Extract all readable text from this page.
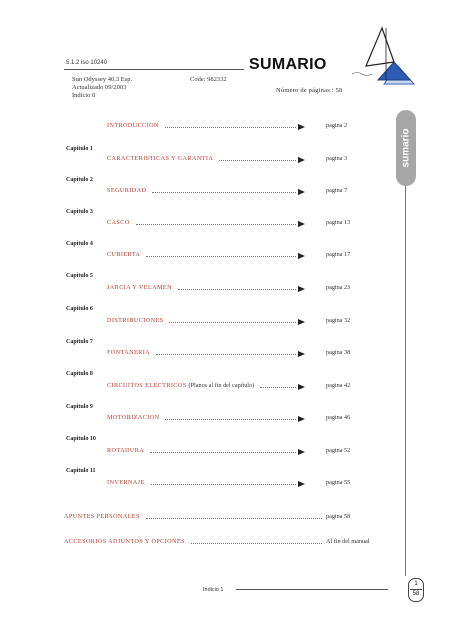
5.1.2 iso 10240
Sun Odyssey 40.3 Esp.
Actualizado 09/2003
Indicio 0
Code: 982332
SUMARIO
Número de páginas : 58
sumario
INTRODUCCION	pagina 2
Capitulo 1
CARACTERISTICAS Y GARANTIA	pagina 3
Capitulo 2
SEGURIDAD	pagina 7
Capitulo 3
CASCO	pagina 13
Capitulo 4
CUBIERTA	pagina 17
Capitulo 5
JARCIA Y VELAMEN	pagina 23
Capitulo 6
DISTRIBUCIONES	pagina 32
Capitulo 7
FONTANERIA	pagina 38
Capitulo 8
CIRCUITOS ELECTRICOS (Planos al fin del capítulo)	pagina 42
Capitulo 9
MOTORIZACION	pagina 46
Capitulo 10
ROTADURA	pagina 52
Capitulo 11
INVERNAJE	pagina 55
APUNTES PERSONALES	pagina 58
ACCESORIOS ADJUNTOS Y OPCIONES	Al fin del manual
Indicio 1
1
58
